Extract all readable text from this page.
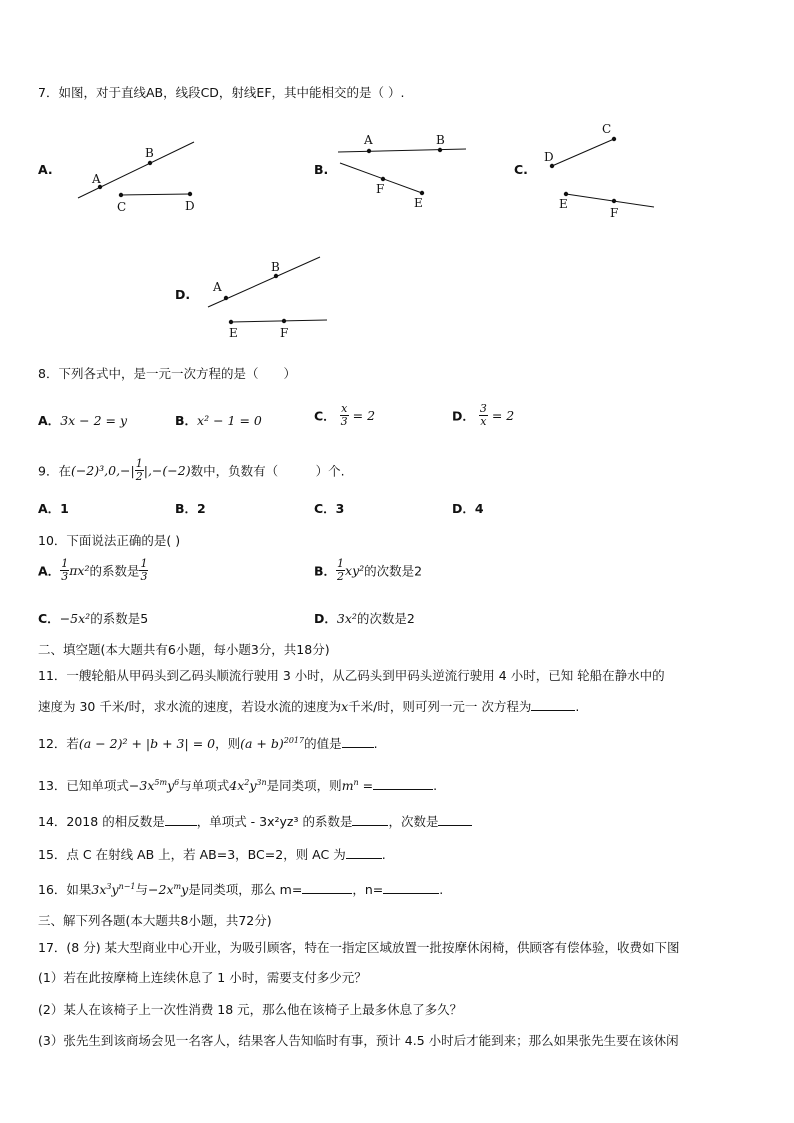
7．如图，对于直线AB，线段CD，射线EF，其中能相交的是（ ）.
A.	B.	C.
D.
A
B
C	D
A	B
F
E
D
C
E
F
A
B
E	F
8．下列各式中，是一元一次方程的是（　　）
A．3x − 2 = y	B．x² − 1 = 0	C． $\frac{x}{3} = 2$	D． $\frac{3}{x} = 2$
9．在$(-2)^3,0,-| \frac{1}{2} |,-(-2)$数中，负数有（　　　）个.
A．1	B．2	C．3	D．4
10．下面说法正确的是( )
A． $\frac{1}{3} \pi x^2$的系数是 $\frac{1}{3}$	B． $\frac{1}{2} xy^2$的次数是2
C．−5x²的系数是5	D．3x²的次数是2
二、填空题(本大题共有6小题，每小题3分，共18分)
11．一艘轮船从甲码头到乙码头顺流行驶用 3 小时，从乙码头到甲码头逆流行驶用 4 小时，已知 轮船在静水中的
速度为 30 千米/时，求水流的速度，若设水流的速度为x千米/时，则可列一元一 次方程为	.
12．若(a − 2)² + |b + 3| = 0，则$(a + b)^{2017}$的值是	.
13．已知单项式$-3x^{5m}y^6$与单项式$4x^2y^{3n}$是同类项，则$m^n$ =	.
14．2018 的相反数是	，单项式 - 3x²yz³ 的系数是	，次数是
15．点 C 在射线 AB 上，若 AB=3，BC=2，则 AC 为	.
16．如果$3x^3y^{n-1}$与$-2x^my$是同类项，那么 m=	，n=	.
三、解下列各题(本大题共8小题，共72分)
17．(8 分) 某大型商业中心开业，为吸引顾客，特在一指定区域放置一批按摩休闲椅，供顾客有偿体验，收费如下图
(1）若在此按摩椅上连续休息了 1 小时，需要支付多少元？
(2）某人在该椅子上一次性消费 18 元，那么他在该椅子上最多休息了多久？
(3）张先生到该商场会见一名客人，结果客人告知临时有事，预计 4.5 小时后才能到来；那么如果张先生要在该休闲
